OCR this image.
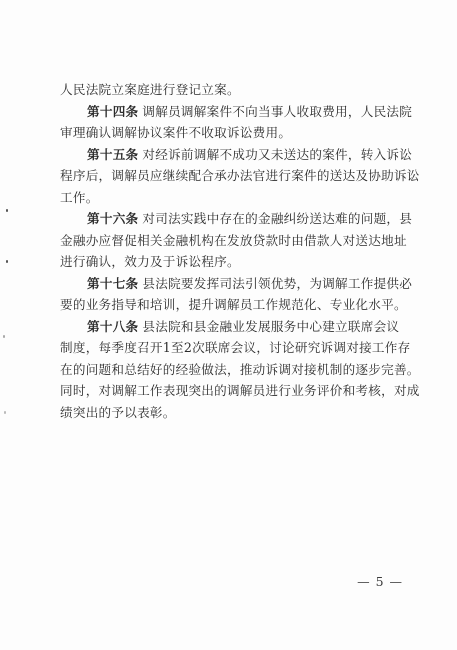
人民法院立案庭进行登记立案。
第十四条 调解员调解案件不向当事人收取费用，人民法院
审理确认调解协议案件不收取诉讼费用。
第十五条 对经诉前调解不成功又未送达的案件，转入诉讼
程序后，调解员应继续配合承办法官进行案件的送达及协助诉讼
工作。
第十六条 对司法实践中存在的金融纠纷送达难的问题，县
金融办应督促相关金融机构在发放贷款时由借款人对送达地址
进行确认，效力及于诉讼程序。
第十七条 县法院要发挥司法引领优势，为调解工作提供必
要的业务指导和培训，提升调解员工作规范化、专业化水平。
第十八条 县法院和县金融业发展服务中心建立联席会议
制度，每季度召开1至2次联席会议，讨论研究诉调对接工作存
在的问题和总结好的经验做法，推动诉调对接机制的逐步完善。
同时，对调解工作表现突出的调解员进行业务评价和考核，对成
绩突出的予以表彰。
— 5 —
